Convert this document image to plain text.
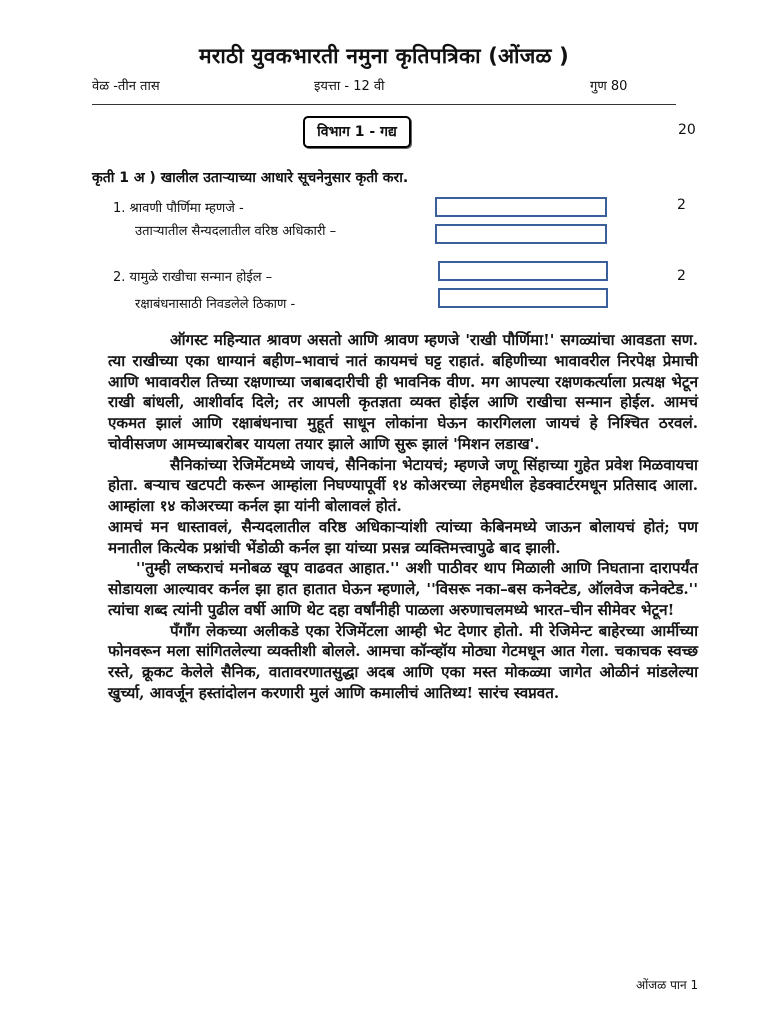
मराठी युवकभारती नमुना कृतिपत्रिका (ओंजळ )
वेळ -तीन तास	इयत्ता - 12 वी	गुण 80
विभाग 1 - गद्य	20
कृती 1 अ ) खालील उताऱ्याच्या आधारे सूचनेनुसार कृती करा.
1. श्रावणी पौर्णिमा म्हणजे -	2
उताऱ्यातील सैन्यदलातील वरिष्ठ अधिकारी –
2. यामुळे राखीचा सन्मान होईल –	2
रक्षाबंधनासाठी निवडलेले ठिकाण -

ऑगस्ट महिन्यात श्रावण असतो आणि श्रावण म्हणजे 'राखी पौर्णिमा!' सगळ्यांचा आवडता सण. त्या राखीच्या एका धाग्यानं बहीण–भावाचं नातं कायमचं घट्ट राहातं. बहिणीच्या भावावरील निरपेक्ष प्रेमाची आणि भावावरील तिच्या रक्षणाच्या जबाबदारीची ही भावनिक वीण. मग आपल्या रक्षणकर्त्याला प्रत्यक्ष भेटून राखी बांधली, आशीर्वाद दिले; तर आपली कृतज्ञता व्यक्त होईल आणि राखीचा सन्मान होईल. आमचं एकमत झालं आणि रक्षाबंधनाचा मुहूर्त साधून लोकांना घेऊन कारगिलला जायचं हे निश्चित ठरवलं. चोवीसजण आमच्याबरोबर यायला तयार झाले आणि सुरू झालं 'मिशन लडाख'.

सैनिकांच्या रेजिमेंटमध्ये जायचं, सैनिकांना भेटायचं; म्हणजे जणू सिंहाच्या गुहेत प्रवेश मिळवायचा होता. बऱ्याच खटपटी करून आम्हांला निघण्यापूर्वी १४ कोअरच्या लेहमधील हेडक्वार्टरमधून प्रतिसाद आला. आम्हांला १४ कोअरच्या कर्नल झा यांनी बोलावलं होतं.

आमचं मन धास्तावलं, सैन्यदलातील वरिष्ठ अधिकाऱ्यांशी त्यांच्या केबिनमध्ये जाऊन बोलायचं होतं; पण मनातील कित्येक प्रश्नांची भेंडोळी कर्नल झा यांच्या प्रसन्न व्यक्तिमत्त्वापुढे बाद झाली.

''तुम्ही लष्कराचं मनोबळ खूप वाढवत आहात.'' अशी पाठीवर थाप मिळाली आणि निघताना दारापर्यंत सोडायला आल्यावर कर्नल झा हात हातात घेऊन म्हणाले, ''विसरू नका–बस कनेक्टेड, ऑलवेज कनेक्टेड.'' त्यांचा शब्द त्यांनी पुढील वर्षी आणि थेट दहा वर्षांनीही पाळला अरुणाचलमध्ये भारत–चीन सीमेवर भेटून!

पँगाँग लेकच्या अलीकडे एका रेजिमेंटला आम्ही भेट देणार होतो. मी रेजिमेन्ट बाहेरच्या आर्मीच्या फोनवरून मला सांगितलेल्या व्यक्तीशी बोलले. आमचा कॉन्व्हॉय मोठ्या गेटमधून आत गेला. चकाचक स्वच्छ रस्ते, क्रूकट केलेले सैनिक, वातावरणातसुद्धा अदब आणि एका मस्त मोकळ्या जागेत ओळीनं मांडलेल्या खुर्च्या, आवर्जून हस्तांदोलन करणारी मुलं आणि कमालीचं आतिथ्य! सारंच स्वप्नवत.

ओंजळ पान 1
